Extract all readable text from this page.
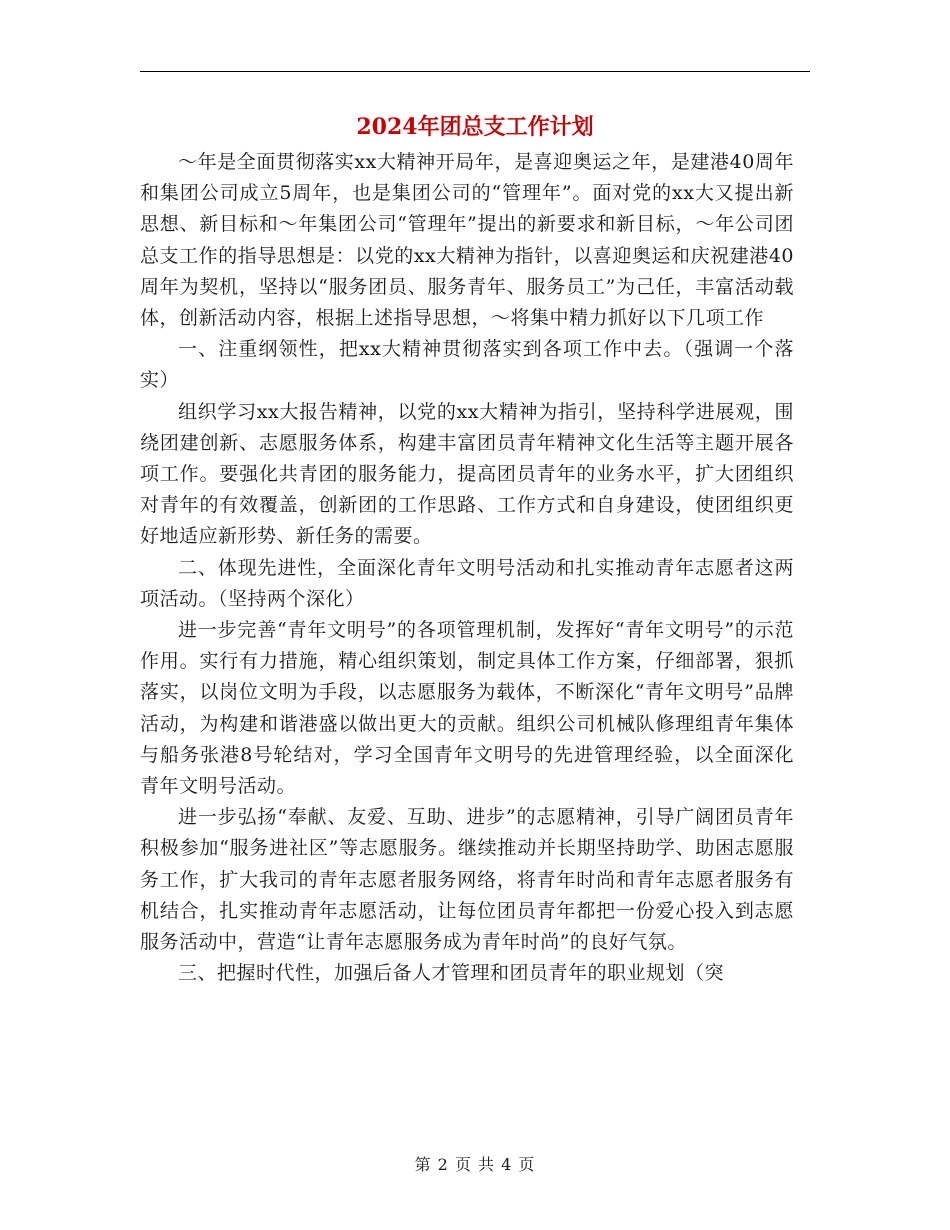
2024年团总支工作计划

～年是全面贯彻落实xx大精神开局年，是喜迎奥运之年，是建港40周年和集团公司成立5周年，也是集团公司的“管理年”。面对党的xx大又提出新思想、新目标和～年集团公司“管理年”提出的新要求和新目标，～年公司团总支工作的指导思想是：以党的xx大精神为指针，以喜迎奥运和庆祝建港40周年为契机，坚持以“服务团员、服务青年、服务员工”为己任，丰富活动载体，创新活动内容，根据上述指导思想，～将集中精力抓好以下几项工作

一、注重纲领性，把xx大精神贯彻落实到各项工作中去。（强调一个落实）

组织学习xx大报告精神，以党的xx大精神为指引，坚持科学进展观，围绕团建创新、志愿服务体系，构建丰富团员青年精神文化生活等主题开展各项工作。要强化共青团的服务能力，提高团员青年的业务水平，扩大团组织对青年的有效覆盖，创新团的工作思路、工作方式和自身建设，使团组织更好地适应新形势、新任务的需要。

二、体现先进性，全面深化青年文明号活动和扎实推动青年志愿者这两项活动。（坚持两个深化）

进一步完善“青年文明号”的各项管理机制，发挥好“青年文明号”的示范作用。实行有力措施，精心组织策划，制定具体工作方案，仔细部署，狠抓落实，以岗位文明为手段，以志愿服务为载体，不断深化“青年文明号”品牌活动，为构建和谐港盛以做出更大的贡献。组织公司机械队修理组青年集体与船务张港8号轮结对，学习全国青年文明号的先进管理经验，以全面深化青年文明号活动。

进一步弘扬“奉献、友爱、互助、进步”的志愿精神，引导广阔团员青年积极参加“服务进社区”等志愿服务。继续推动并长期坚持助学、助困志愿服务工作，扩大我司的青年志愿者服务网络，将青年时尚和青年志愿者服务有机结合，扎实推动青年志愿活动，让每位团员青年都把一份爱心投入到志愿服务活动中，营造“让青年志愿服务成为青年时尚”的良好气氛。

三、把握时代性，加强后备人才管理和团员青年的职业规划（突

第 2 页 共 4 页
